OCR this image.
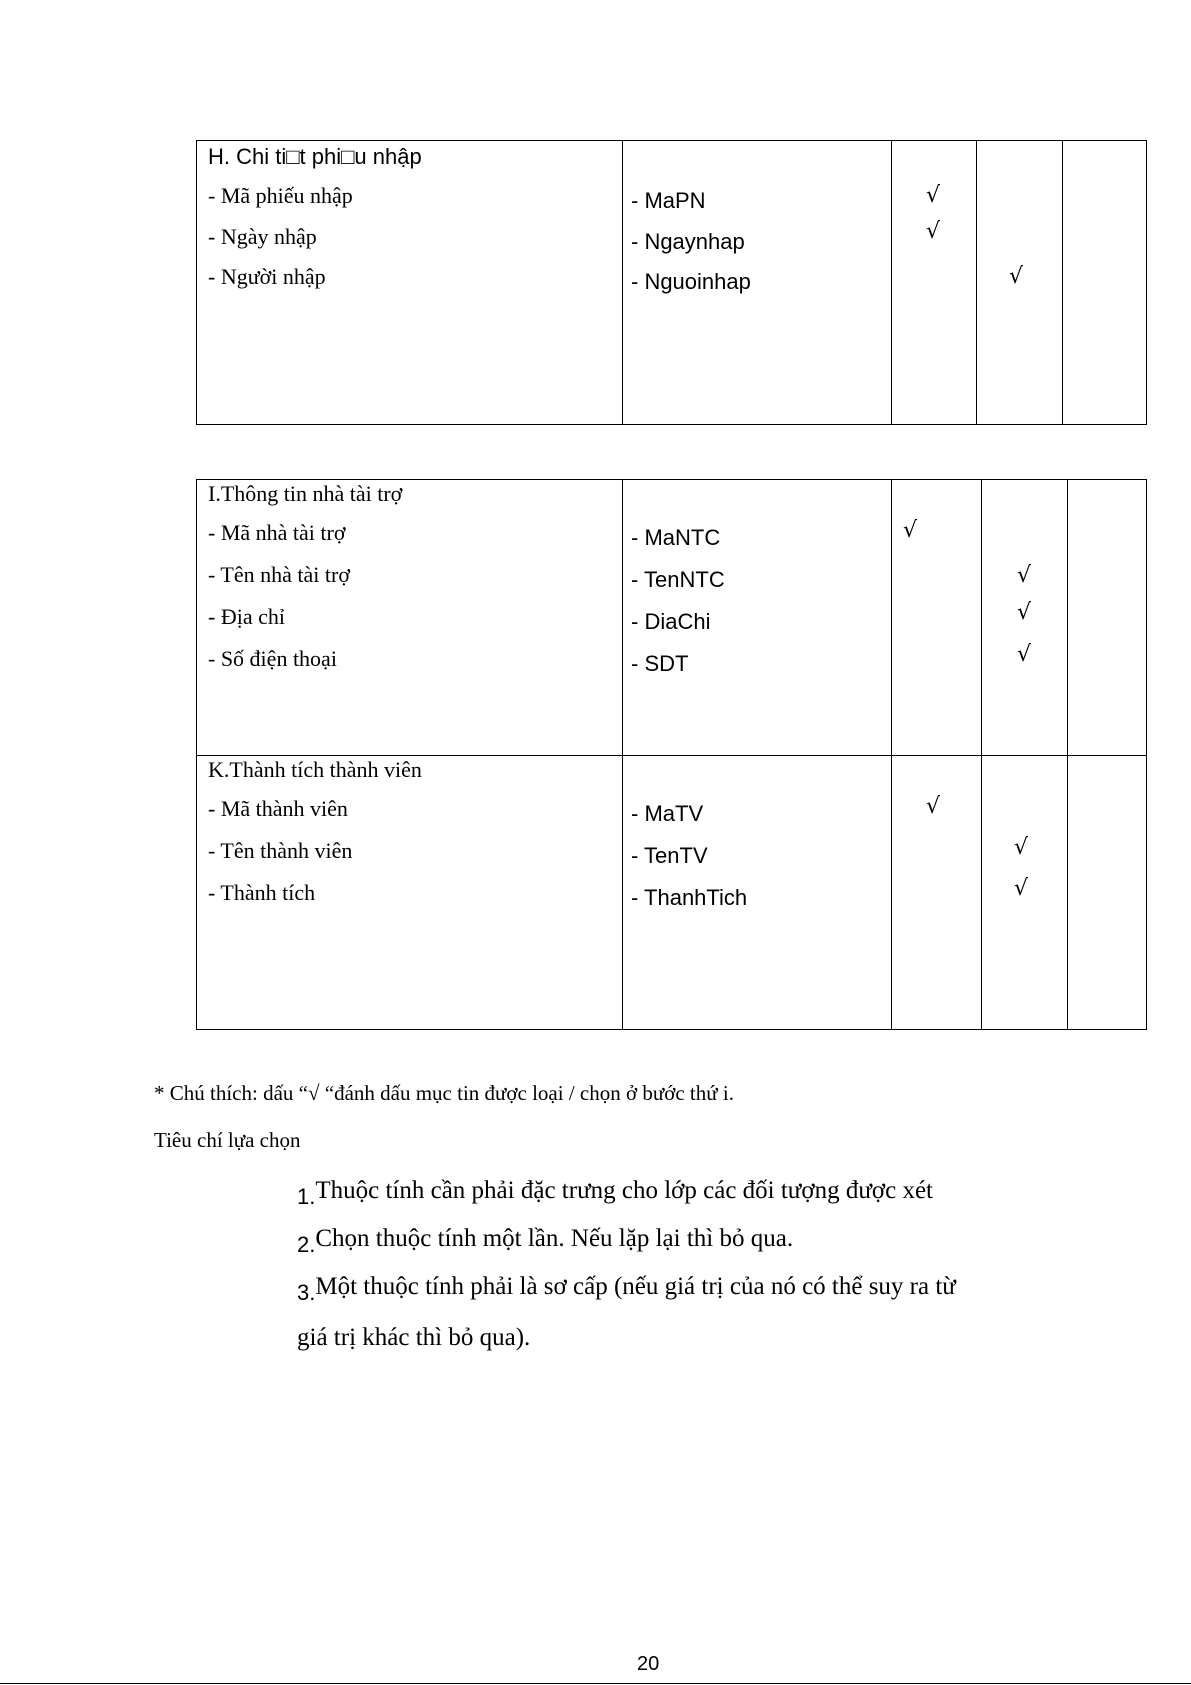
H. Chi ti□t phi□u nhập
- Mã phiếu nhập
- Ngày nhập
- Người nhập
- MaPN
- Ngaynhap
- Nguoinhap
√
√
√
I.Thông tin nhà tài trợ
- Mã nhà tài trợ
- Tên nhà tài trợ
- Địa chỉ
- Số điện thoại
- MaNTC
- TenNTC
- DiaChi
- SDT
√
√
√
√
K.Thành tích thành viên
- Mã thành viên
- Tên thành viên
- Thành tích
- MaTV
- TenTV
- ThanhTich
√
√
√
* Chú thích: dấu “√ “đánh dấu mục tin được loại / chọn ở bước thứ i.
Tiêu chí lựa chọn
1.Thuộc tính cần phải đặc trưng cho lớp các đối tượng được xét
2.Chọn thuộc tính một lần. Nếu lặp lại thì bỏ qua.
3.Một thuộc tính phải là sơ cấp (nếu giá trị của nó có thể suy ra từ
giá trị khác thì bỏ qua).
20
